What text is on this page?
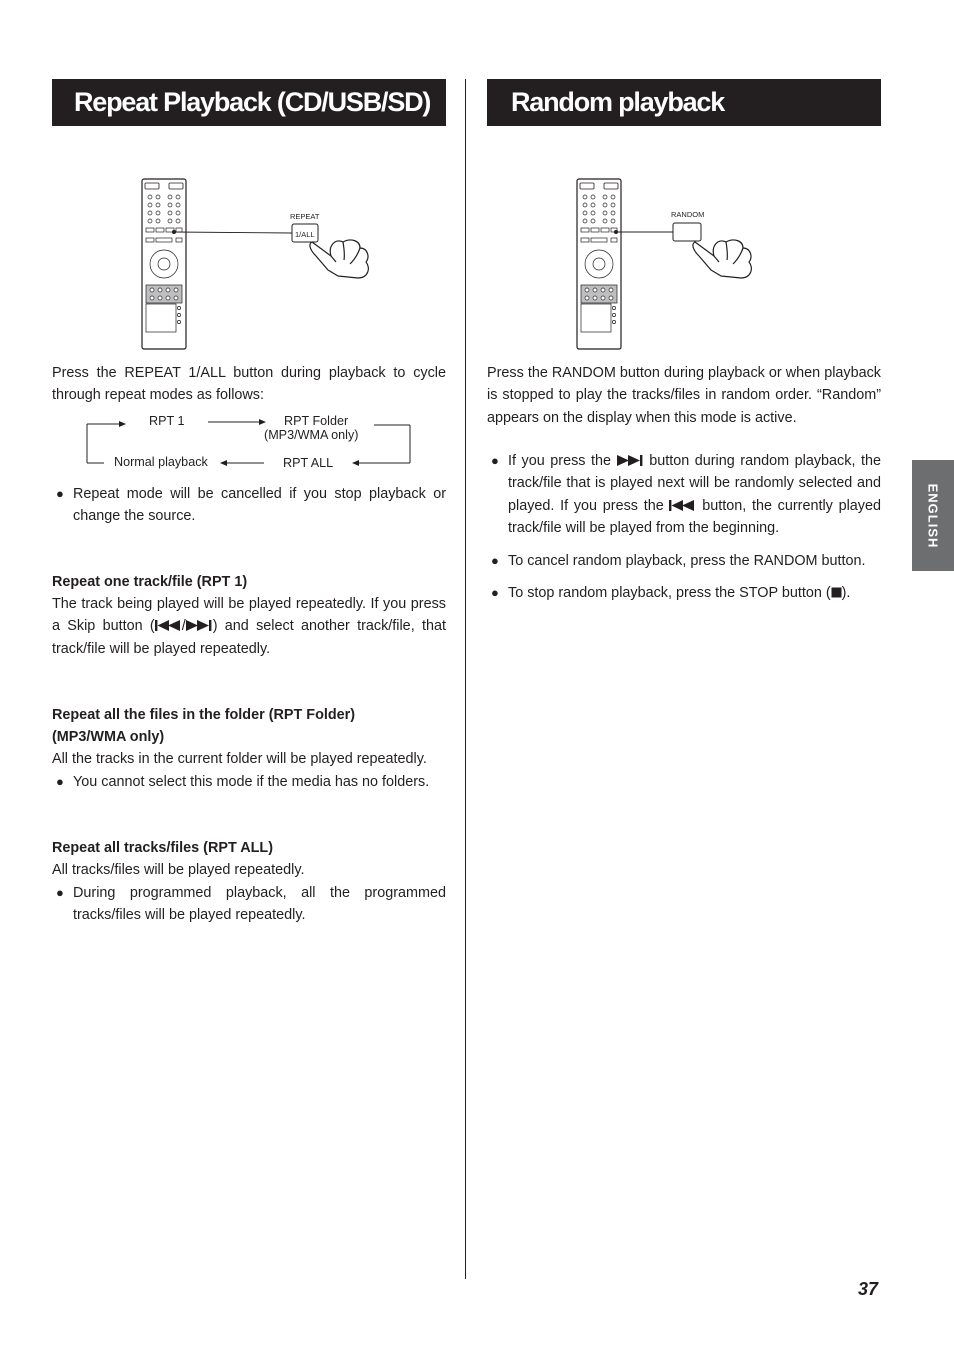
Repeat Playback (CD/USB/SD)
REPEAT
1/ALL

Press the REPEAT 1/ALL button during playback to cycle through repeat modes as follows:

RPT 1	RPT Folder
(MP3/WMA only)
RPT ALL
Normal playback
● Repeat mode will be cancelled if you stop playback or change the source.

Repeat one track/file (RPT 1)

The track being played will be played repeatedly. If you press a Skip button ( / ) and select another track/file, that track/file will be played repeatedly.

Repeat all the files in the folder (RPT Folder)
(MP3/WMA only)

All the tracks in the current folder will be played repeatedly.

● You cannot select this mode if the media has no folders.

Repeat all tracks/files (RPT ALL)

All tracks/files will be played repeatedly.

● During programmed playback, all the programmed tracks/files will be played repeatedly.
Random playback (CD/USB/SD)
RANDOM

Press the RANDOM button during playback or when playback is stopped to play the tracks/files in random order. “Random” appears on the display when this mode is active.

● If you press the	button during random playback, the track/file that is played next will be randomly selected and played. If you press the	button, the currently played track/file will be played from the beginning.
● To cancel random playback, press the RANDOM button.
● To stop random playback, press the STOP button ( ).
ENGLISH
37
